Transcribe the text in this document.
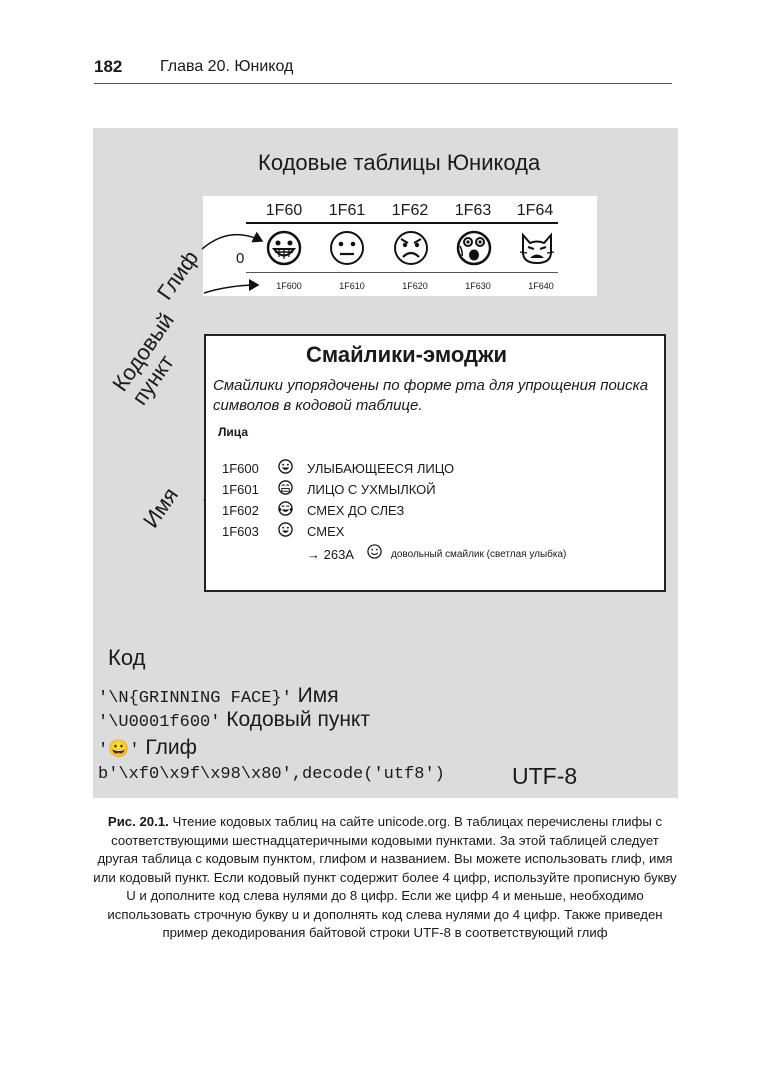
182 Глава 20. Юникод
Кодовые таблицы Юникода
1F60	1F61	1F62	1F63	1F64
0
1F600	1F610	1F620	1F630	1F640
Глиф
Кодовый
пункт
Имя
Смайлики-эмоджи
Смайлики упорядочены по форме рта для упрощения поиска символов в кодовой таблице.
Лица
1F600	УЛЫБАЮЩЕЕСЯ ЛИЦО
1F601	ЛИЦО С УХМЫЛКОЙ
1F602	СМЕХ ДО СЛЕЗ
1F603	СМЕХ
→ 263A	довольный смайлик (светлая улыбка)
Код
'\N{GRINNING FACE}' Имя
'\U0001f600' Кодовый пункт
'😀' Глиф
b'\xf0\x9f\x98\x80',decode('utf8')	UTF-8
Рис. 20.1. Чтение кодовых таблиц на сайте unicode.org. В таблицах перечислены глифы с соответствующими шестнадцатеричными кодовыми пунктами. За этой таблицей следует другая таблица с кодовым пунктом, глифом и названием. Вы можете использовать глиф, имя или кодовый пункт. Если кодовый пункт содержит более 4 цифр, используйте прописную букву U и дополните код слева нулями до 8 цифр. Если же цифр 4 и меньше, необходимо использовать строчную букву u и дополнять код слева нулями до 4 цифр. Также приведен пример декодирования байтовой строки UTF-8 в соответствующий глиф
